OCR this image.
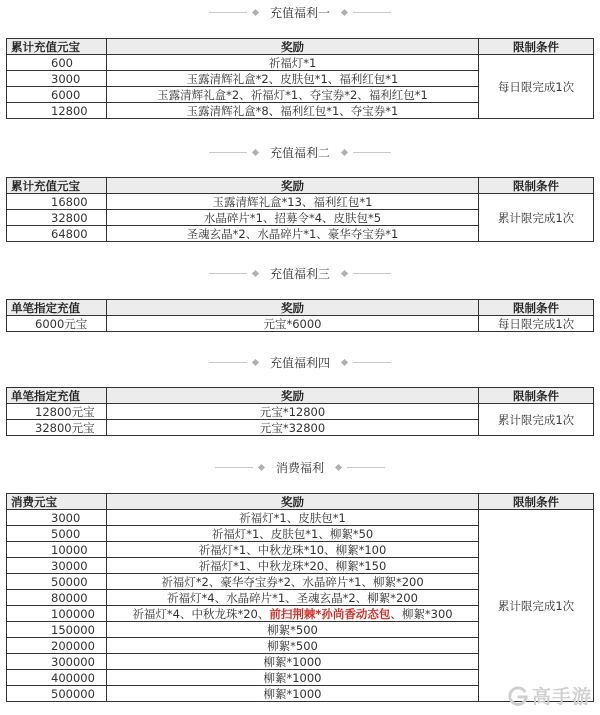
充值福利一
累计充值元宝	奖励	限制条件
600	祈福灯*1	每日限完成1次
3000	玉露清辉礼盒*2、皮肤包*1、福利红包*1	
6000	玉露清辉礼盒*2、祈福灯*1、夺宝券*2、福利红包*1	
12800	玉露清辉礼盒*8、福利红包*1、夺宝券*1	
充值福利二
累计充值元宝	奖励	限制条件
16800	玉露清辉礼盒*13、福利红包*1	累计限完成1次
32800	水晶碎片*1、招募令*4、皮肤包*5	
64800	圣魂玄晶*2、水晶碎片*1、豪华夺宝券*1	
充值福利三
单笔指定充值	奖励	限制条件
6000元宝	元宝*6000	每日限完成1次
充值福利四
单笔指定充值	奖励	限制条件
12800元宝	元宝*12800	累计限完成1次
32800元宝	元宝*32800	
消费福利
消费元宝	奖励	限制条件
3000	祈福灯*1、皮肤包*1	累计限完成1次
5000	祈福灯*1、皮肤包*1、柳絮*50	
10000	祈福灯*1、中秋龙珠*10、柳絮*100	
30000	祈福灯*1、中秋龙珠*20、柳絮*150	
50000	祈福灯*2、豪华夺宝券*2、水晶碎片*1、柳絮*200	
80000	祈福灯*4、水晶碎片*1、圣魂玄晶*2、柳絮*200	
100000	祈福灯*4、中秋龙珠*20、前扫荆棘*孙尚香动态包、柳絮*300	
150000	柳絮*500	
200000	柳絮*500	
300000	柳絮*1000	
400000	柳絮*1000	
500000	柳絮*1000		高手游
